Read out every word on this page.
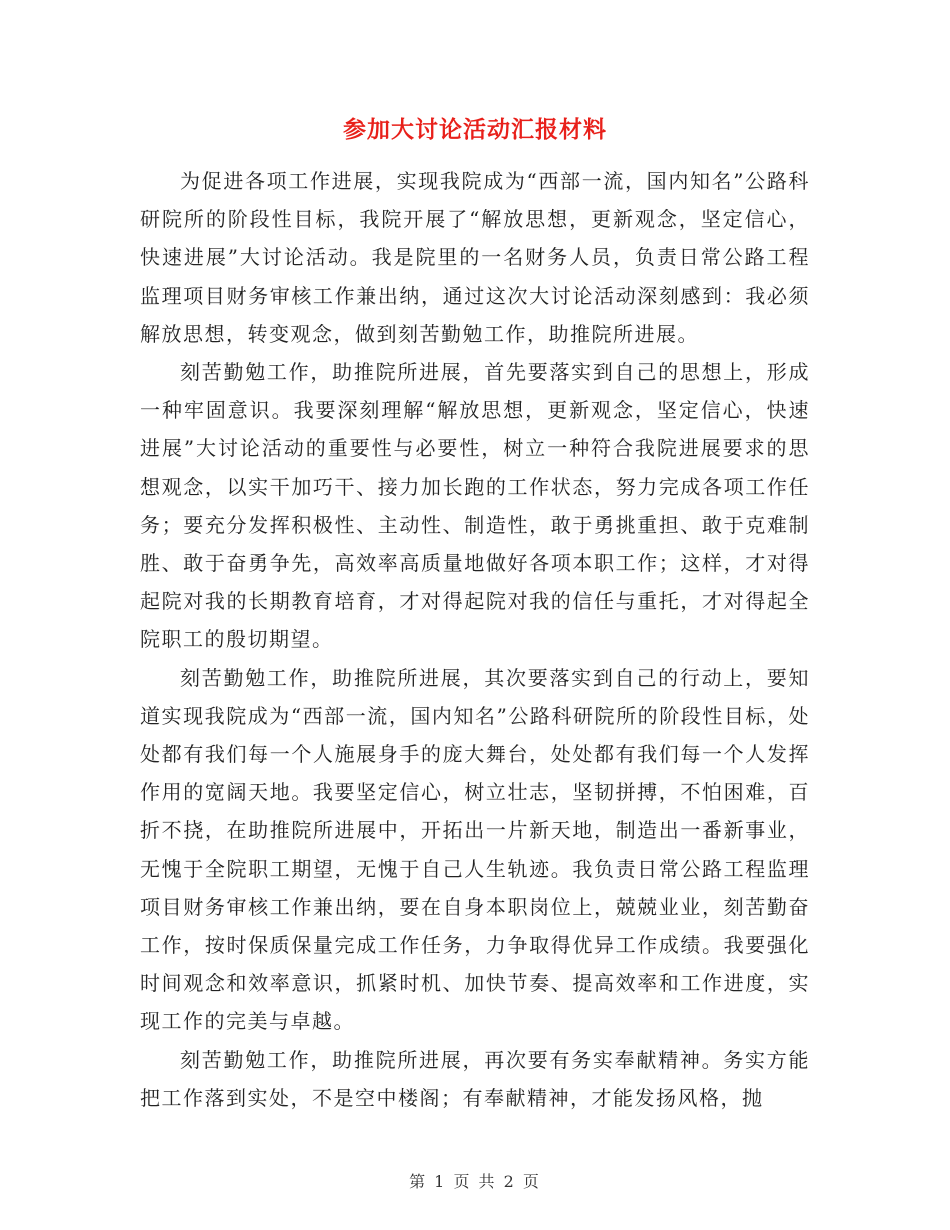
参加大讨论活动汇报材料

为促进各项工作进展，实现我院成为“西部一流，国内知名”公路科研院所的阶段性目标，我院开展了“解放思想，更新观念，坚定信心，快速进展”大讨论活动。我是院里的一名财务人员，负责日常公路工程监理项目财务审核工作兼出纳，通过这次大讨论活动深刻感到：我必须解放思想，转变观念，做到刻苦勤勉工作，助推院所进展。

刻苦勤勉工作，助推院所进展，首先要落实到自己的思想上，形成一种牢固意识。我要深刻理解“解放思想，更新观念，坚定信心，快速进展”大讨论活动的重要性与必要性，树立一种符合我院进展要求的思想观念，以实干加巧干、接力加长跑的工作状态，努力完成各项工作任务；要充分发挥积极性、主动性、制造性，敢于勇挑重担、敢于克难制胜、敢于奋勇争先，高效率高质量地做好各项本职工作；这样，才对得起院对我的长期教育培育，才对得起院对我的信任与重托，才对得起全院职工的殷切期望。

刻苦勤勉工作，助推院所进展，其次要落实到自己的行动上，要知道实现我院成为“西部一流，国内知名”公路科研院所的阶段性目标，处处都有我们每一个人施展身手的庞大舞台，处处都有我们每一个人发挥作用的宽阔天地。我要坚定信心，树立壮志，坚韧拼搏，不怕困难，百折不挠，在助推院所进展中，开拓出一片新天地，制造出一番新事业，无愧于全院职工期望，无愧于自己人生轨迹。我负责日常公路工程监理项目财务审核工作兼出纳，要在自身本职岗位上，兢兢业业，刻苦勤奋工作，按时保质保量完成工作任务，力争取得优异工作成绩。我要强化时间观念和效率意识，抓紧时机、加快节奏、提高效率和工作进度，实现工作的完美与卓越。

刻苦勤勉工作，助推院所进展，再次要有务实奉献精神。务实方能把工作落到实处，不是空中楼阁；有奉献精神，才能发扬风格，抛

第 1 页 共 2 页
